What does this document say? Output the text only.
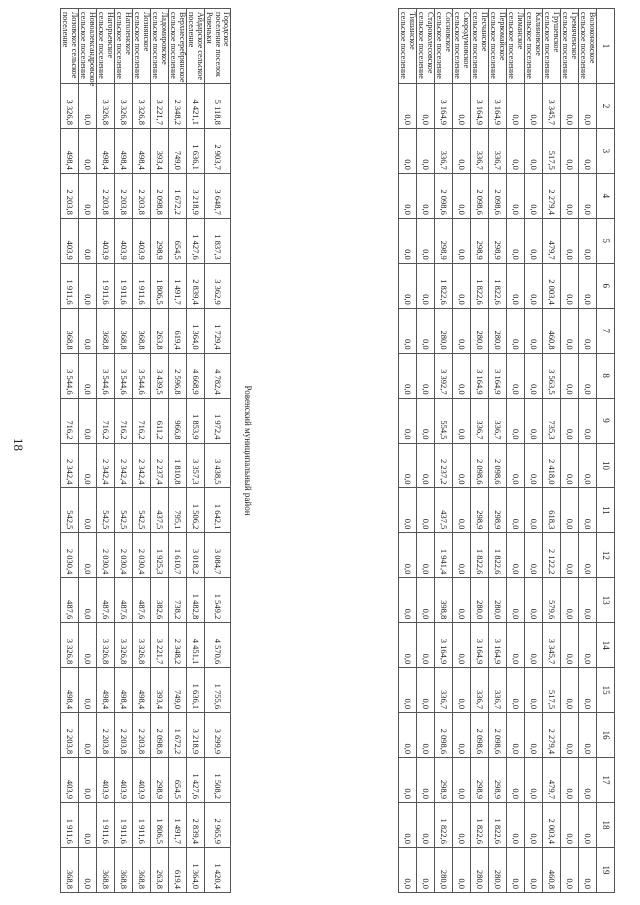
18
1	2	3	4	5	6	7	8	9	10	11	12	13	14	15	16	17	18	19
Волоконовское сельское поселение	0,0	0,0	0,0	0,0	0,0	0,0	0,0	0,0	0,0	0,0	0,0	0,0	0,0	0,0	0,0	0,0	0,0	0,0
Гремяченское сельское поселение	0,0	0,0	0,0	0,0	0,0	0,0	0,0	0,0	0,0	0,0	0,0	0,0	0,0	0,0	0,0	0,0	0,0	0,0
Грушевское сельское поселение	3 345,7	517,5	2 279,4	479,7	2 003,4	460,8	3 563,5	735,3	2 418,0	618,3	2 122,2	579,6	3 345,7	517,5	2 279,4	479,7	2 003,4	460,8
Калиновское сельское поселение	0,0	0,0	0,0	0,0	0,0	0,0	0,0	0,0	0,0	0,0	0,0	0,0	0,0	0,0	0,0	0,0	0,0	0,0
Лиманское сельское поселение	0,0	0,0	0,0	0,0	0,0	0,0	0,0	0,0	0,0	0,0	0,0	0,0	0,0	0,0	0,0	0,0	0,0	0,0
Первомайское сельское поселение	3 164,9	336,7	2 098,6	298,9	1 822,6	280,0	3 164,9	336,7	2 098,6	298,9	1 822,6	280,0	3 164,9	336,7	2 098,6	298,9	1 822,6	280,0
Песчанское сельское поселение	3 164,9	336,7	2 098,6	298,9	1 822,6	280,0	3 164,9	336,7	2 098,6	298,9	1 822,6	280,0	3 164,9	336,7	2 098,6	298,9	1 822,6	280,0
Скородумовское сельское поселение	0,0	0,0	0,0	0,0	0,0	0,0	0,0	0,0	0,0	0,0	0,0	0,0	0,0	0,0	0,0	0,0	0,0	0,0
Сосновское сельское поселение	3 164,9	336,7	2 098,6	298,9	1 822,6	280,0	3 392,7	554,5	2 237,2	437,5	1 941,4	398,8	3 164,9	336,7	2 098,6	298,9	1 822,6	280,0
Староколесовское сельское поселение	0,0	0,0	0,0	0,0	0,0	0,0	0,0	0,0	0,0	0,0	0,0	0,0	0,0	0,0	0,0	0,0	0,0	0,0
Тишанское сельское поселение	0,0	0,0	0,0	0,0	0,0	0,0	0,0	0,0	0,0	0,0	0,0	0,0	0,0	0,0	0,0	0,0	0,0	0,0
Ровенский муниципальный район
Городское поселение поселок Ровеньки	5 118,8	2 903,7	3 648,7	1 837,3	3 362,9	1 729,4	4 782,4	1 972,4	3 438,5	1 642,1	3 084,7	1 549,2	4 570,6	1 755,6	3 299,9	1 508,2	2 965,9	1 420,4
Айдарское сельское поселение	4 421,1	1 636,1	3 218,9	1 427,6	2 839,4	1 364,0	4 668,9	1 853,9	3 357,3	1 506,2	3 018,2	1 482,8	4 451,1	1 636,1	3 218,9	1 427,6	2 839,4	1 364,0
Верхнесеребрянское сельское поселение	2 348,2	749,0	1 672,2	654,5	1 491,7	619,4	2 596,8	966,8	1 810,8	795,1	1 610,7	738,2	2 348,2	749,0	1 672,2	654,5	1 491,7	619,4
Ладомировское сельское поселение	3 221,7	393,4	2 098,8	298,9	1 806,5	263,8	3 439,5	611,2	2 237,4	437,5	1 925,3	382,6	3 221,7	393,4	2 098,8	298,9	1 806,5	263,8
Лознянское сельское поселение	3 326,8	498,4	2 203,8	403,9	1 911,6	368,8	3 544,6	716,2	2 342,4	542,5	2 030,4	487,6	3 326,8	498,4	2 203,8	403,9	1 911,6	368,8
Наголенское сельское поселение	3 326,8	498,4	2 203,8	403,9	1 911,6	368,8	3 544,6	716,2	2 342,4	542,5	2 030,4	487,6	3 326,8	498,4	2 203,8	403,9	1 911,6	368,8
Нагорьевское сельское поселение	3 326,8	498,4	2 203,8	403,9	1 911,6	368,8	3 544,6	716,2	2 342,4	542,5	2 030,4	487,6	3 326,8	498,4	2 203,8	403,9	1 911,6	368,8
Новоалександровское сельское поселение	0,0	0,0	0,0	0,0	0,0	0,0	0,0	0,0	0,0	0,0	0,0	0,0	0,0	0,0	0,0	0,0	0,0	0,0
Лозовское сельское поселение	3 326,8	498,4	2 203,8	403,9	1 911,6	368,8	3 544,6	716,2	2 342,4	542,5	2 030,4	487,6	3 326,8	498,4	2 203,8	403,9	1 911,6	368,8
